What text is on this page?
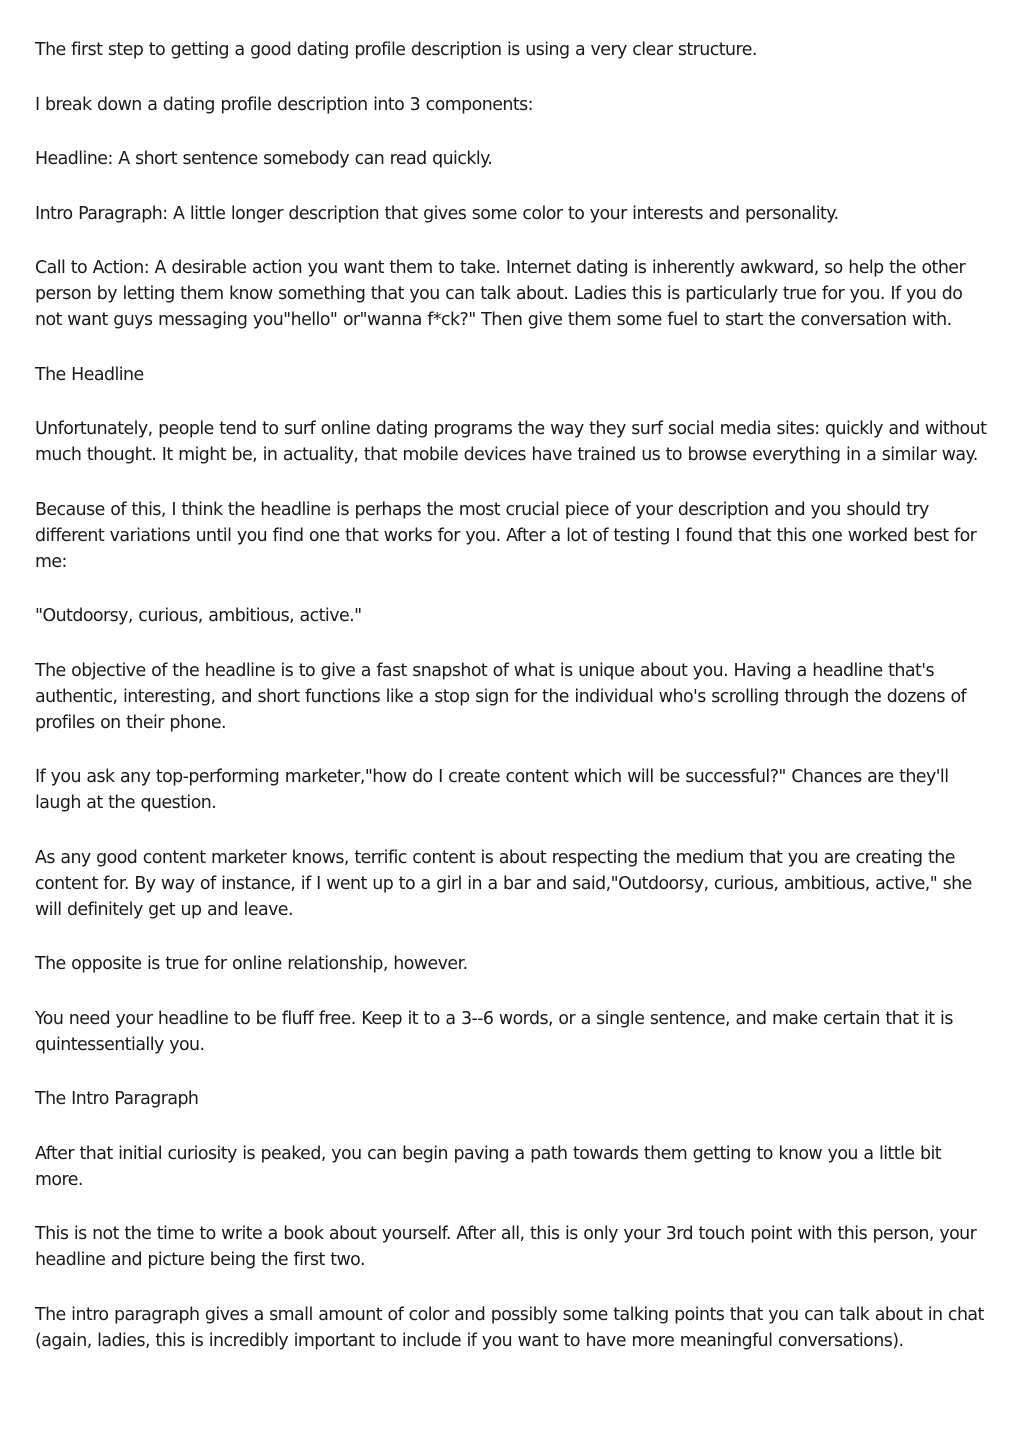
The first step to getting a good dating profile description is using a very clear structure.

I break down a dating profile description into 3 components:

Headline: A short sentence somebody can read quickly.

Intro Paragraph: A little longer description that gives some color to your interests and personality.

Call to Action: A desirable action you want them to take. Internet dating is inherently awkward, so help the other person by letting them know something that you can talk about. Ladies this is particularly true for you. If you do not want guys messaging you"hello" or"wanna f*ck?" Then give them some fuel to start the conversation with.

The Headline

Unfortunately, people tend to surf online dating programs the way they surf social media sites: quickly and without much thought. It might be, in actuality, that mobile devices have trained us to browse everything in a similar way.

Because of this, I think the headline is perhaps the most crucial piece of your description and you should try different variations until you find one that works for you. After a lot of testing I found that this one worked best for me:

"Outdoorsy, curious, ambitious, active."

The objective of the headline is to give a fast snapshot of what is unique about you. Having a headline that's authentic, interesting, and short functions like a stop sign for the individual who's scrolling through the dozens of profiles on their phone.

If you ask any top-performing marketer,"how do I create content which will be successful?" Chances are they'll laugh at the question.

As any good content marketer knows, terrific content is about respecting the medium that you are creating the content for. By way of instance, if I went up to a girl in a bar and said,"Outdoorsy, curious, ambitious, active," she will definitely get up and leave.

The opposite is true for online relationship, however.

You need your headline to be fluff free. Keep it to a 3--6 words, or a single sentence, and make certain that it is quintessentially you.

The Intro Paragraph

After that initial curiosity is peaked, you can begin paving a path towards them getting to know you a little bit more.

This is not the time to write a book about yourself. After all, this is only your 3rd touch point with this person, your headline and picture being the first two.

The intro paragraph gives a small amount of color and possibly some talking points that you can talk about in chat (again, ladies, this is incredibly important to include if you want to have more meaningful conversations).
